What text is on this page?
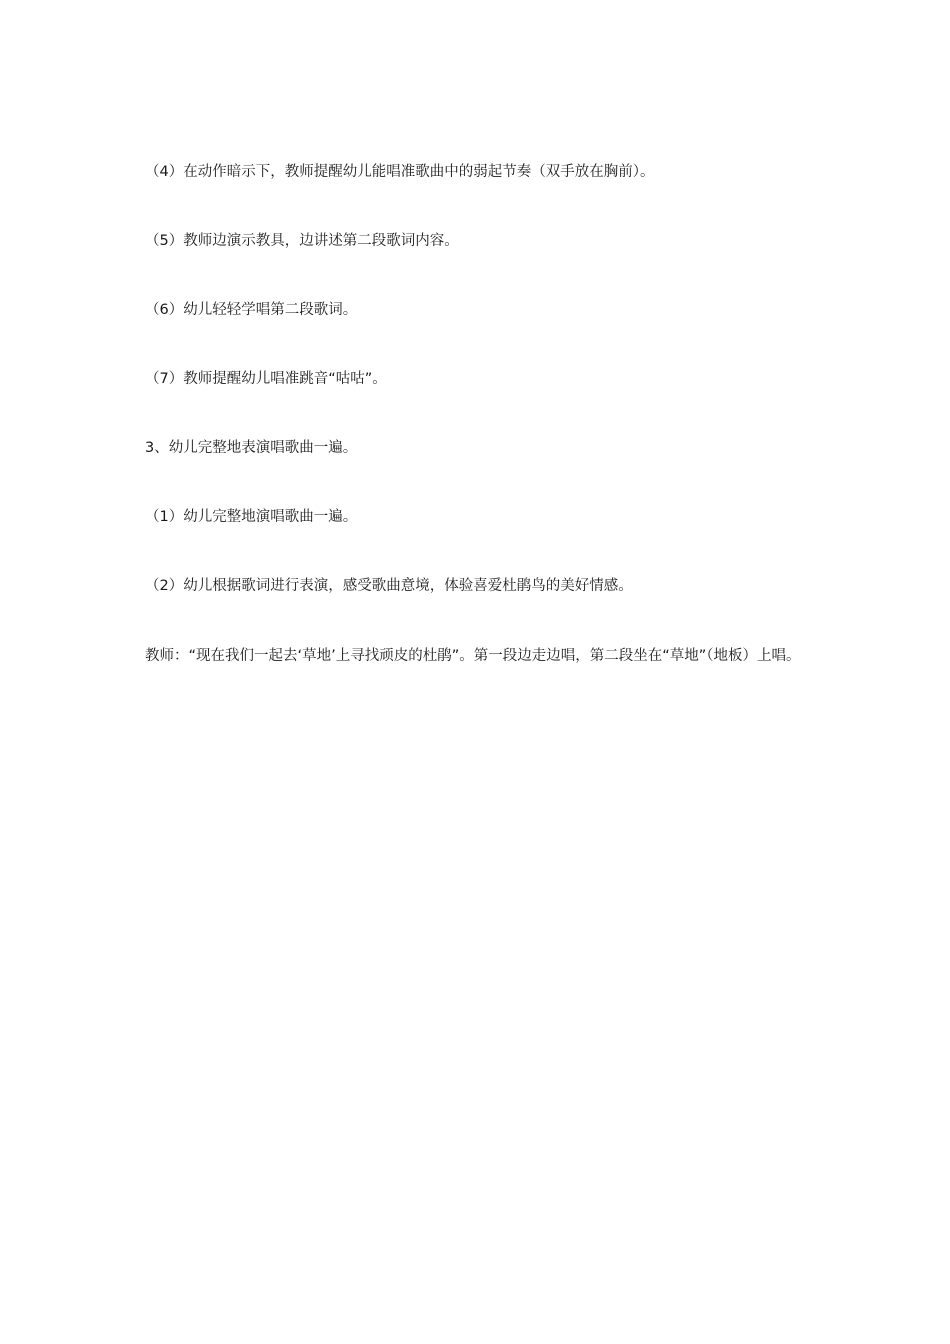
（4）在动作暗示下，教师提醒幼儿能唱准歌曲中的弱起节奏（双手放在胸前）。

（5）教师边演示教具，边讲述第二段歌词内容。

（6）幼儿轻轻学唱第二段歌词。

（7）教师提醒幼儿唱准跳音“咕咕”。

3、幼儿完整地表演唱歌曲一遍。

（1）幼儿完整地演唱歌曲一遍。

（2）幼儿根据歌词进行表演，感受歌曲意境，体验喜爱杜鹃鸟的美好情感。

教师：“现在我们一起去‘草地’上寻找顽皮的杜鹃”。第一段边走边唱，第二段坐在“草地”（地板）上唱。
